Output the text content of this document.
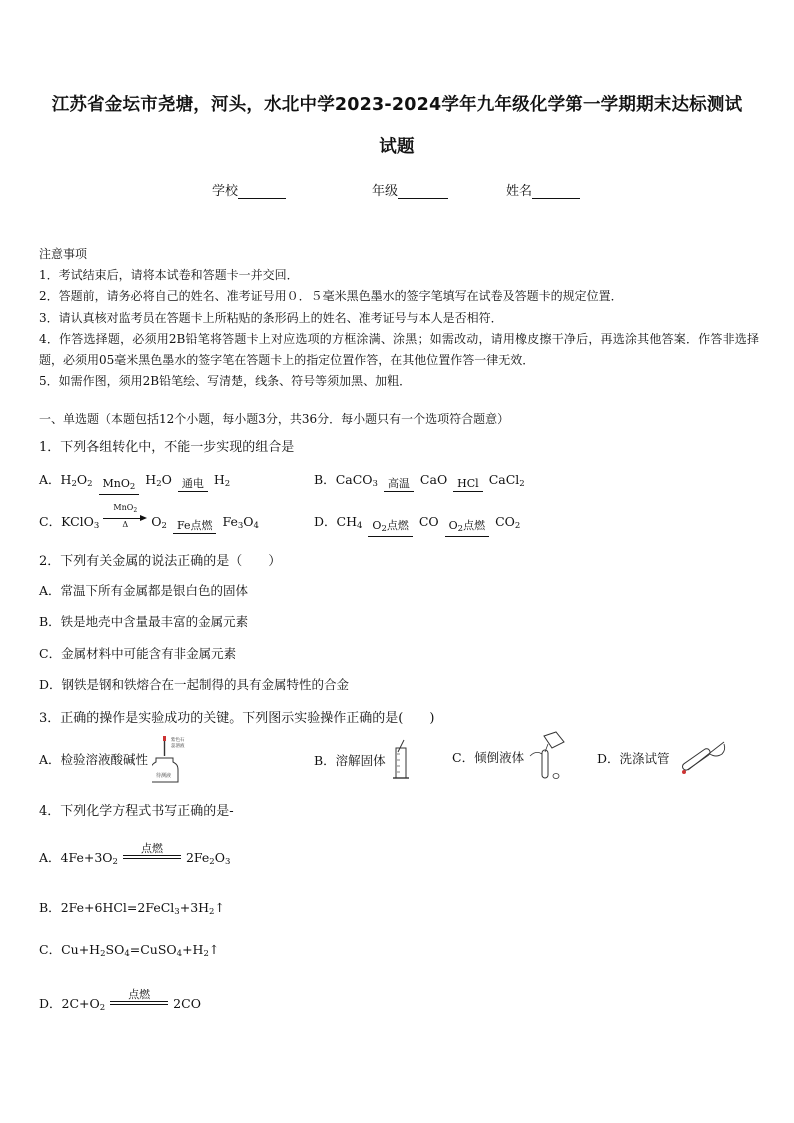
江苏省金坛市尧塘，河头，水北中学2023-2024学年九年级化学第一学期期末达标测试
试题
学校	年级	姓名
注意事项
1．考试结束后，请将本试卷和答题卡一并交回．
2．答题前，请务必将自己的姓名、准考证号用０．５毫米黑色墨水的签字笔填写在试卷及答题卡的规定位置．
3．请认真核对监考员在答题卡上所粘贴的条形码上的姓名、准考证号与本人是否相符．
4．作答选择题，必须用2B铅笔将答题卡上对应选项的方框涂满、涂黑；如需改动，请用橡皮擦干净后，再选涂其他答案．作答非选择题，必须用05毫米黑色墨水的签字笔在答题卡上的指定位置作答，在其他位置作答一律无效．
5．如需作图，须用2B铅笔绘、写清楚，线条、符号等须加黑、加粗．
一、单选题（本题包括12个小题，每小题3分，共36分．每小题只有一个选项符合题意）
1．下列各组转化中，不能一步实现的组合是
A．$H_2O_2$ MnO$_2$ $H_2O$ 通电 $H_2$	B．CaCO$_3$ 高温 CaO HCl CaCl$_2$
C．KClO$_3$
MnO$_2$
Δ	$O_2$ Fe点燃 $Fe_3O_4$	D．$CH_4$ $O_2$点燃 CO $O_2$点燃 $CO_2$
2．下列有关金属的说法正确的是（　　）
A．常温下所有金属都是银白色的固体
B．铁是地壳中含量最丰富的金属元素
C．金属材料中可能含有非金属元素
D．钢铁是钢和铁熔合在一起制得的具有金属特性的合金
3．正确的操作是实验成功的关键。下列图示实验操作正确的是(　　)
A．检验溶液酸碱性
待测液
紫色石
蕊溶液
B．溶解固体	C．倾倒液体	D．洗涤试管
4．下列化学方程式书写正确的是-
A．$4Fe+3O_2$
点燃
$2Fe_2O_3$
B．$2Fe+6HCl=2FeCl_3+3H_2↑$
C．$Cu+H_2SO_4=CuSO_4+H_2↑$
D．$2C+O_2$
点燃
2CO
